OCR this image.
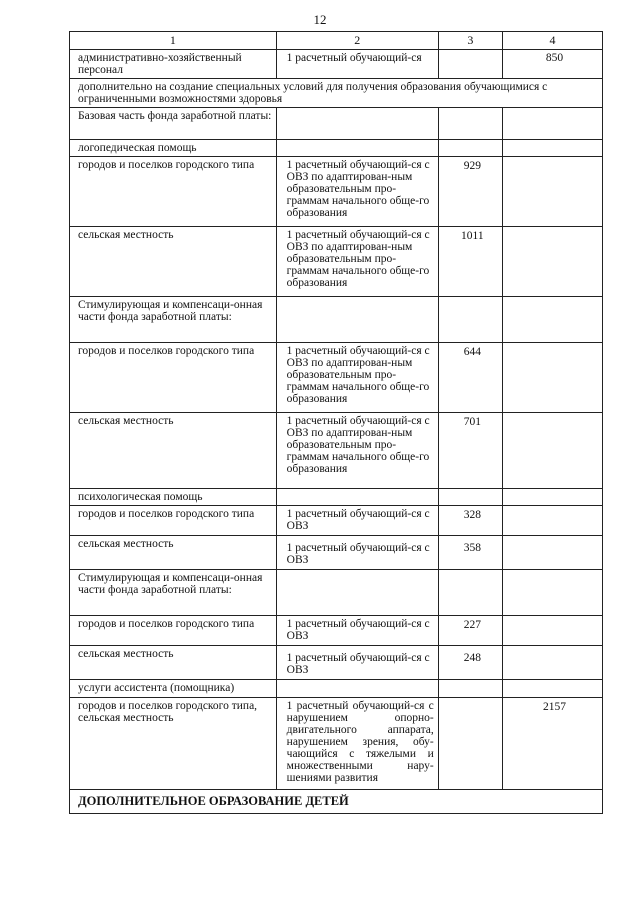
12
1	2	3	4
административно-хозяйственный персонал	1 расчетный обучающий-ся		850
дополнительно на создание специальных условий для получения образования обучающимися с ограниченными возможностями здоровья			
Базовая часть фонда заработной платы:			
логопедическая помощь			
городов и поселков городского типа	1 расчетный обучающий-ся с ОВЗ по адаптирован-ным образовательным про-граммам начального обще-го образования	929	
сельская местность	1 расчетный обучающий-ся с ОВЗ по адаптирован-ным образовательным про-граммам начального обще-го образования	1011	
Стимулирующая и компенсаци-онная части фонда заработной платы:			
городов и поселков городского типа	1 расчетный обучающий-ся с ОВЗ по адаптирован-ным образовательным про-граммам начального обще-го образования	644	
сельская местность	1 расчетный обучающий-ся с ОВЗ по адаптирован-ным образовательным про-граммам начального обще-го образования	701	
психологическая помощь			
городов и поселков городского типа	1 расчетный обучающий-ся с ОВЗ	328	
сельская местность	1 расчетный обучающий-ся с ОВЗ	358	
Стимулирующая и компенсаци-онная части фонда заработной платы:			
городов и поселков городского типа	1 расчетный обучающий-ся с ОВЗ	227	
сельская местность	1 расчетный обучающий-ся с ОВЗ	248	
услуги ассистента (помощника)			
городов и поселков городского типа, сельская местность	1 расчетный обучающий-ся с нарушением опорно-двигательного аппарата, нарушением зрения, обу-чающийся с тяжелыми и множественными нару-шениями развития		2157
ДОПОЛНИТЕЛЬНОЕ ОБРАЗОВАНИЕ ДЕТЕЙ			
